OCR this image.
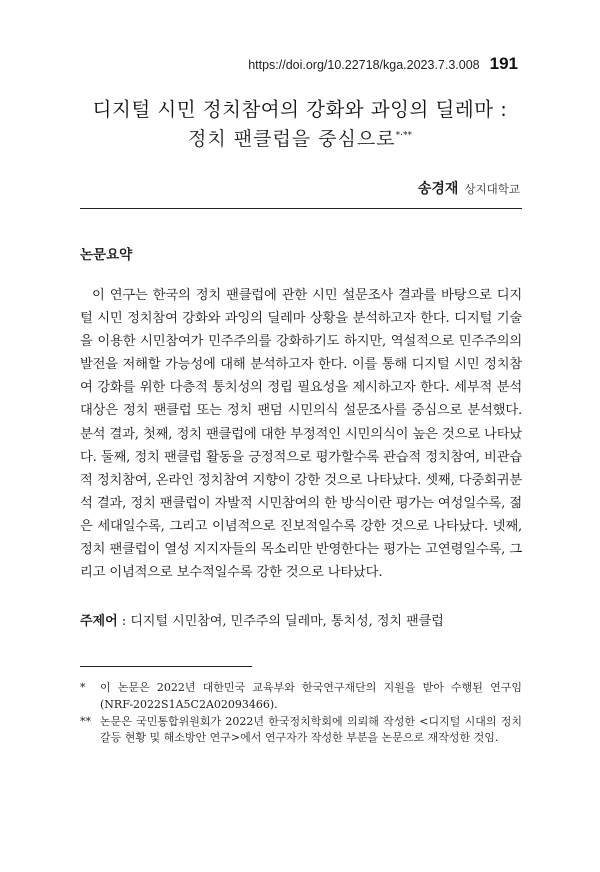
https://doi.org/10.22718/kga.2023.7.3.008 191
디지털 시민 정치참여의 강화와 과잉의 딜레마 :
정치 팬클럽을 중심으로*·**
송경재 상지대학교
논문요약

이 연구는 한국의 정치 팬클럽에 관한 시민 설문조사 결과를 바탕으로 디지털 시민 정치참여 강화와 과잉의 딜레마 상황을 분석하고자 한다. 디지털 기술을 이용한 시민참여가 민주주의를 강화하기도 하지만, 역설적으로 민주주의의 발전을 저해할 가능성에 대해 분석하고자 한다. 이를 통해 디지털 시민 정치참여 강화를 위한 다층적 통치성의 정립 필요성을 제시하고자 한다. 세부적 분석 대상은 정치 팬클럽 또는 정치 팬덤 시민의식 설문조사를 중심으로 분석했다. 분석 결과, 첫째, 정치 팬클럽에 대한 부정적인 시민의식이 높은 것으로 나타났다. 둘째, 정치 팬클럽 활동을 긍정적으로 평가할수록 관습적 정치참여, 비관습적 정치참여, 온라인 정치참여 지향이 강한 것으로 나타났다. 셋째, 다중회귀분석 결과, 정치 팬클럽이 자발적 시민참여의 한 방식이란 평가는 여성일수록, 젊은 세대일수록, 그리고 이념적으로 진보적일수록 강한 것으로 나타났다. 넷째, 정치 팬클럽이 열성 지지자들의 목소리만 반영한다는 평가는 고연령일수록, 그리고 이념적으로 보수적일수록 강한 것으로 나타났다.

주제어 : 디지털 시민참여, 민주주의 딜레마, 통치성, 정치 팬클럽
*	이 논문은 2022년 대한민국 교육부와 한국연구재단의 지원을 받아 수행된 연구임 (NRF-2022S1A5C2A02093466).
** 논문은 국민통합위원회가 2022년 한국정치학회에 의뢰해 작성한 <디지털 시대의 정치 갈등 현황 및 해소방안 연구>에서 연구자가 작성한 부분을 논문으로 재작성한 것임.
